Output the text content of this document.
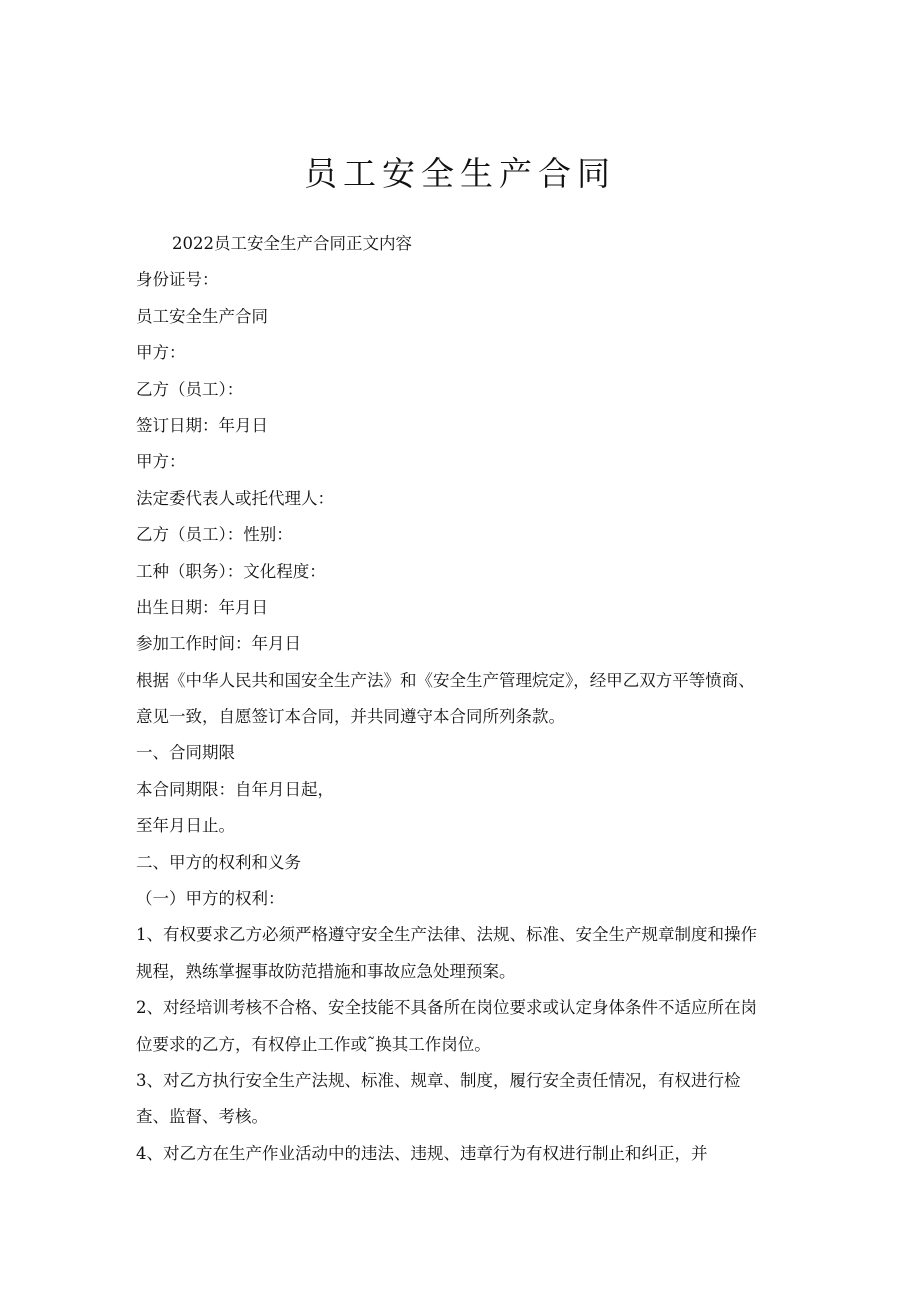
员工安全生产合同
2022员工安全生产合同正文内容
身份证号：
员工安全生产合同
甲方：
乙方（员工）：
签订日期：年月日
甲方：
法定委代表人或托代理人：
乙方（员工）：性别：
工种（职务）：文化程度：
出生日期：年月日
参加工作时间：年月日
根据《中华人民共和国安全生产法》和《安全生产管理烷定》，经甲乙双方平等愤商、
意见一致，自愿签订本合同，并共同遵守本合同所列条款。
一、合同期限
本合同期限：自年月日起，
至年月日止。
二、甲方的权利和义务
（一）甲方的权利：
1、有权要求乙方必须严格遵守安全生产法律、法规、标准、安全生产规章制度和操作
规程，熟练掌握事故防范措施和事故应急处理预案。
2、对经培训考核不合格、安全技能不具备所在岗位要求或认定身体条件不适应所在岗
位要求的乙方，有权停止工作或˜换其工作岗位。
3、对乙方执行安全生产法规、标准、规章、制度，履行安全责任情况，有权进行检
查、监督、考核。
4、对乙方在生产作业活动中的违法、违规、违章行为有权进行制止和纠正，并
